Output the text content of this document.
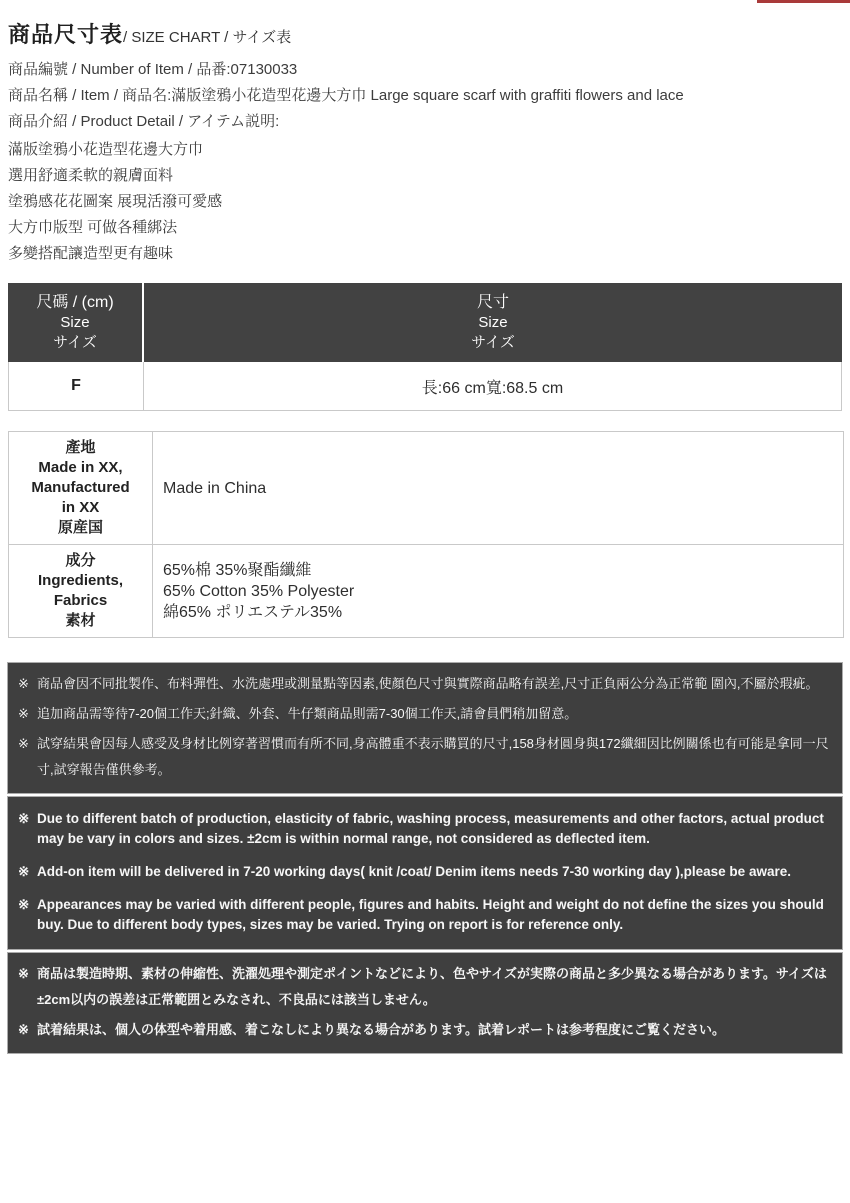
商品尺寸表/ SIZE CHART / サイズ表
商品編號 / Number of Item / 品番:07130033
商品名稱 / Item / 商品名:滿版塗鴉小花造型花邊大方巾 Large square scarf with graffiti flowers and lace
商品介紹 / Product Detail / アイテム説明:
滿版塗鴉小花造型花邊大方巾
選用舒適柔軟的親膚面料
塗鴉感花花圖案 展現活潑可愛感
大方巾版型 可做各種綁法
多變搭配讓造型更有趣味
尺碼 / (cm)
Size
サイズ
尺寸
Size
サイズ
F	長:66 cm寬:68.5 cm
產地
Made in XX,
Manufactured
in XX
原産国
Made in China
成分
Ingredients,
Fabrics
素材
65%棉 35%聚酯纖維
65% Cotton 35% Polyester
綿65% ポリエステル35%
※ 商品會因不同批製作、布料彈性、水洗處理或測量點等因素,使顏色尺寸與實際商品略有誤差,尺寸正負兩公分為正常範 圍內,不屬於瑕疵。
※ 追加商品需等待7-20個工作天;針織、外套、牛仔類商品則需7-30個工作天,請會員們稍加留意。
※ 試穿結果會因每人感受及身材比例穿著習慣而有所不同,身高體重不表示購買的尺寸,158身材圓身與172纖細因比例關係也有可能是拿同一尺寸,試穿報告僅供參考。
※ Due to different batch of production, elasticity of fabric, washing process, measurements and other factors, actual product may be vary in colors and sizes. ±2cm is within normal range, not considered as deflected item.
※ Add-on item will be delivered in 7-20 working days( knit /coat/ Denim items needs 7-30 working day ),please be aware.
※ Appearances may be varied with different people, figures and habits. Height and weight do not define the sizes you should buy. Due to different body types, sizes may be varied. Trying on report is for reference only.
※ 商品は製造時期、素材の伸縮性、洗濯処理や測定ポイントなどにより、色やサイズが実際の商品と多少異なる場合があります。サイズは±2cm以内の誤差は正常範囲とみなされ、不良品には該当しません。
※ 試着結果は、個人の体型や着用感、着こなしにより異なる場合があります。試着レポートは参考程度にご覧ください。
